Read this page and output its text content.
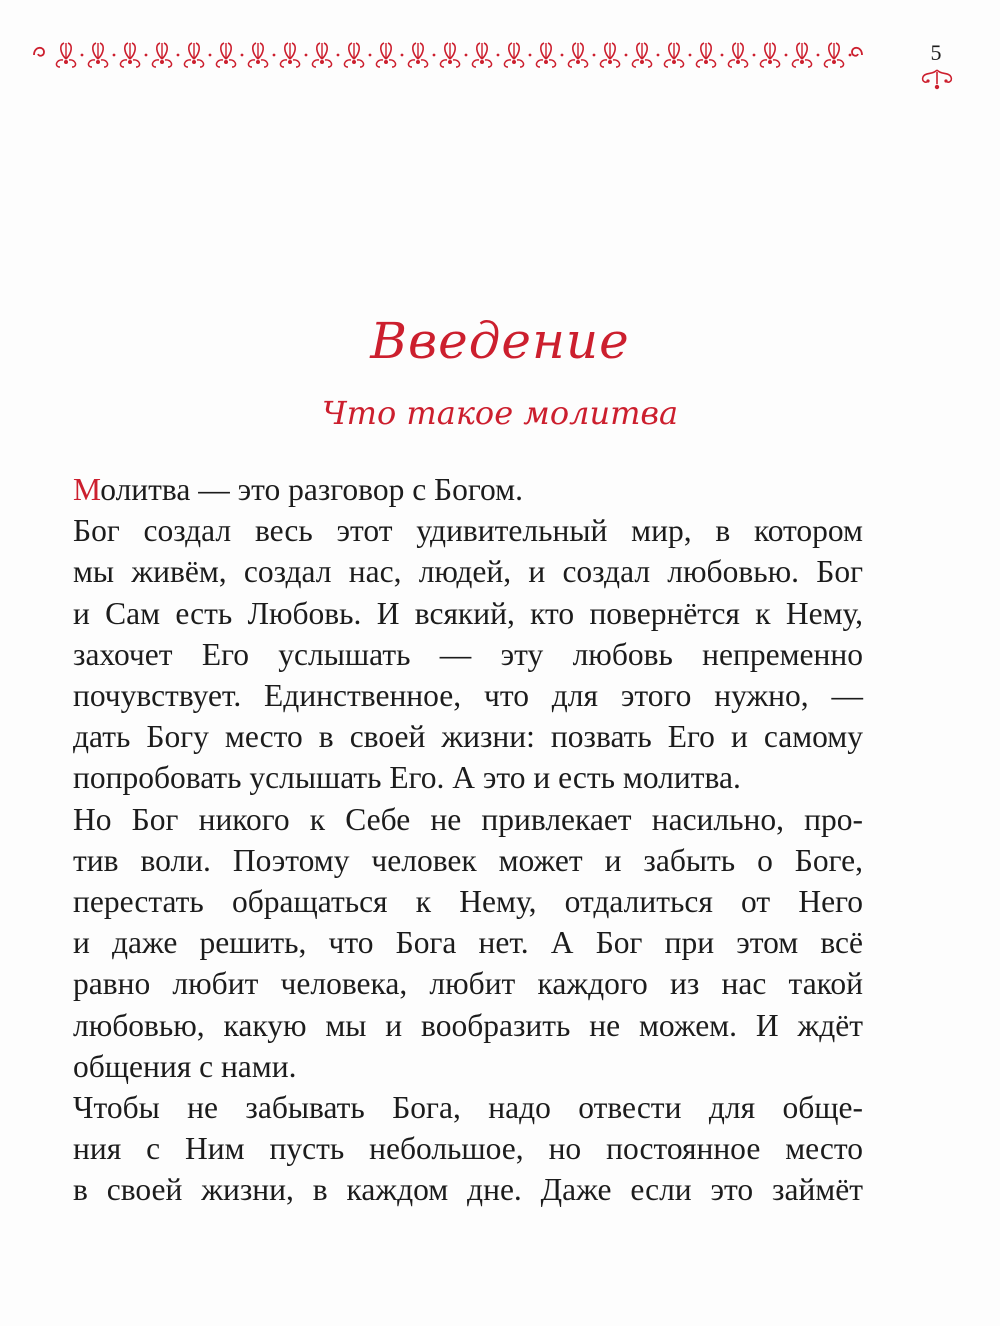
5
Введение
Что такое молитва

Молитва — это разговор с Богом.

Бог создал весь этот удивительный мир, в котором
мы живём, создал нас, людей, и создал любовью. Бог
и Сам есть Любовь. И всякий, кто повернётся к Нему,
захочет Его услышать — эту любовь непременно
почувствует. Единственное, что для этого нужно, —
дать Богу место в своей жизни: позвать Его и самому
попробовать услышать Его. А это и есть молитва.

Но Бог никого к Себе не привлекает насильно, про-
тив воли. Поэтому человек может и забыть о Боге,
перестать обращаться к Нему, отдалиться от Него
и даже решить, что Бога нет. А Бог при этом всё
равно любит человека, любит каждого из нас такой
любовью, какую мы и вообразить не можем. И ждёт
общения с нами.

Чтобы не забывать Бога, надо отвести для обще-
ния с Ним пусть небольшое, но постоянное место
в своей жизни, в каждом дне. Даже если это займёт
